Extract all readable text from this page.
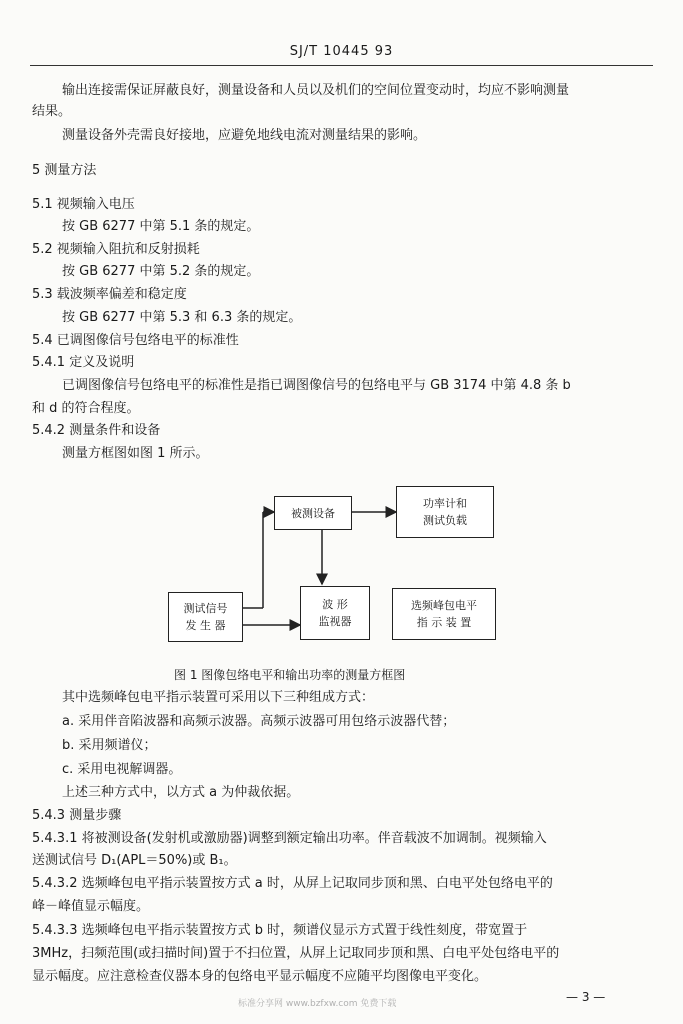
SJ/T 10445 93
输出连接需保证屏蔽良好，测量设备和人员以及机们的空间位置变动时，均应不影响测量
结果。
测量设备外壳需良好接地，应避免地线电流对测量结果的影响。
5 测量方法
5.1 视频输入电压
按 GB 6277 中第 5.1 条的规定。
5.2 视频输入阻抗和反射损耗
按 GB 6277 中第 5.2 条的规定。
5.3 载波频率偏差和稳定度
按 GB 6277 中第 5.3 和 6.3 条的规定。
5.4 已调图像信号包络电平的标准性
5.4.1 定义及说明
已调图像信号包络电平的标准性是指已调图像信号的包络电平与 GB 3174 中第 4.8 条 b
和 d 的符合程度。
5.4.2 测量条件和设备
测量方框图如图 1 所示。
被测设备
功率计和
测试负载
测试信号
发 生 器
波 形
监视器
选频峰包电平
指 示 装 置
图 1 图像包络电平和输出功率的测量方框图
其中选频峰包电平指示装置可采用以下三种组成方式：
a. 采用伴音陷波器和高频示波器。高频示波器可用包络示波器代替；
b. 采用频谱仪；
c. 采用电视解调器。
上述三种方式中，以方式 a 为仲裁依据。
5.4.3 测量步骤
5.4.3.1 将被测设备(发射机或激励器)调整到额定输出功率。伴音载波不加调制。视频输入
送测试信号 D₁(APL＝50%)或 B₁。
5.4.3.2 选频峰包电平指示装置按方式 a 时，从屏上记取同步顶和黑、白电平处包络电平的
峰－峰值显示幅度。
5.4.3.3 选频峰包电平指示装置按方式 b 时，频谱仪显示方式置于线性刻度，带宽置于
3MHz，扫频范围(或扫描时间)置于不扫位置，从屏上记取同步顶和黑、白电平处包络电平的
显示幅度。应注意检查仪器本身的包络电平显示幅度不应随平均图像电平变化。
标准分享网 www.bzfxw.com 免费下载	— 3 —
